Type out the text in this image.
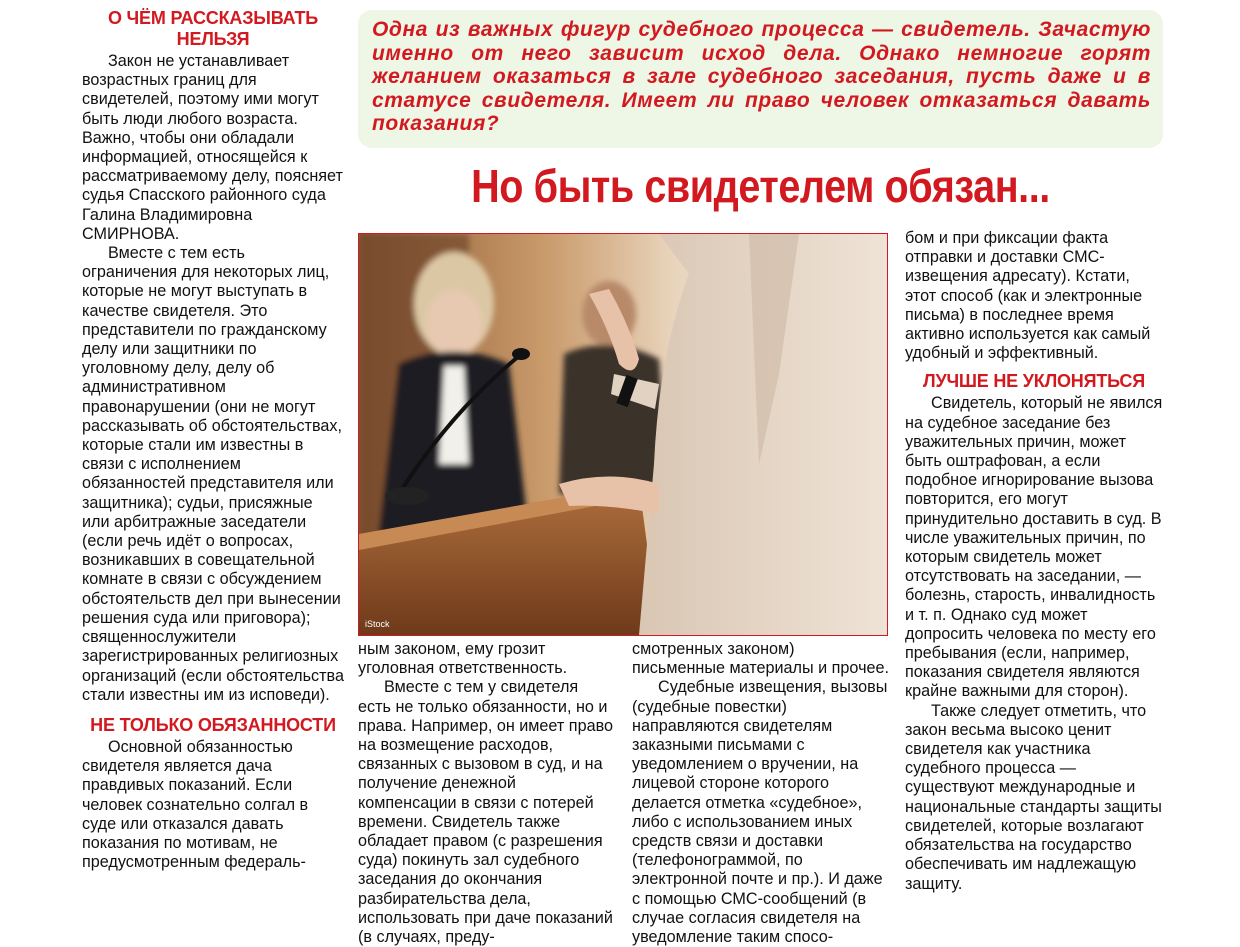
Одна из важных фигур судебного процесса — свидетель. Зачастую именно от него зависит исход дела. Однако немногие горят желанием оказаться в зале судебного заседания, пусть даже и в статусе свидетеля. Имеет ли право человек отказаться давать показания?
Но быть свидетелем обязан...
О ЧЁМ РАССКАЗЫВАТЬ НЕЛЬЗЯ

Закон не устанавливает возрастных границ для свидетелей, поэтому ими могут быть люди любого возраста. Важно, чтобы они обладали информацией, относящейся к рассматриваемому делу, поясняет судья Спасского районного суда Галина Владимировна СМИРНОВА.

Вместе с тем есть ограничения для некоторых лиц, которые не могут выступать в качестве свидетеля. Это представители по гражданскому делу или защитники по уголовному делу, делу об административном правонарушении (они не могут рассказывать об обстоятельствах, которые стали им известны в связи с исполнением обязанностей представителя или защитника); судьи, присяжные или арбитражные заседатели (если речь идёт о вопросах, возникавших в совещательной комнате в связи с обсуждением обстоятельств дел при вынесении решения суда или приговора); священнослужители зарегистрированных религиозных организаций (если обстоятельства стали известны им из исповеди).

НЕ ТОЛЬКО ОБЯЗАННОСТИ

Основной обязанностью свидетеля является дача правдивых показаний. Если человек сознательно солгал в суде или отказался давать показания по мотивам, не предусмотренным федераль-

iStock

ным законом, ему грозит уголовная ответственность.

Вместе с тем у свидетеля есть не только обязанности, но и права. Например, он имеет право на возмещение расходов, связанных с вызовом в суд, и на получение денежной компенсации в связи с потерей времени. Свидетель также обладает правом (с разрешения суда) покинуть зал судебного заседания до окончания разбирательства дела, использовать при даче показаний (в случаях, преду-

смотренных законом) письменные материалы и прочее.

Судебные извещения, вызовы (судебные повестки) направляются свидетелям заказными письмами с уведомлением о вручении, на лицевой стороне которого делается отметка «судебное», либо с использованием иных средств связи и доставки (телефонограммой, по электронной почте и пр.). И даже с помощью СМС-сообщений (в случае согласия свидетеля на уведомление таким спосо-

бом и при фиксации факта отправки и доставки СМС-извещения адресату). Кстати, этот способ (как и электронные письма) в последнее время активно используется как самый удобный и эффективный.

ЛУЧШЕ НЕ УКЛОНЯТЬСЯ

Свидетель, который не явился на судебное заседание без уважительных причин, может быть оштрафован, а если подобное игнорирование вызова повторится, его могут принудительно доставить в суд. В числе уважительных причин, по которым свидетель может отсутствовать на заседании, — болезнь, старость, инвалидность и т. п. Однако суд может допросить человека по месту его пребывания (если, например, показания свидетеля являются крайне важными для сторон).

Также следует отметить, что закон весьма высоко ценит свидетеля как участника судебного процесса — существуют международные и национальные стандарты защиты свидетелей, которые возлагают обязательства на государство обеспечивать им надлежащую защиту.
